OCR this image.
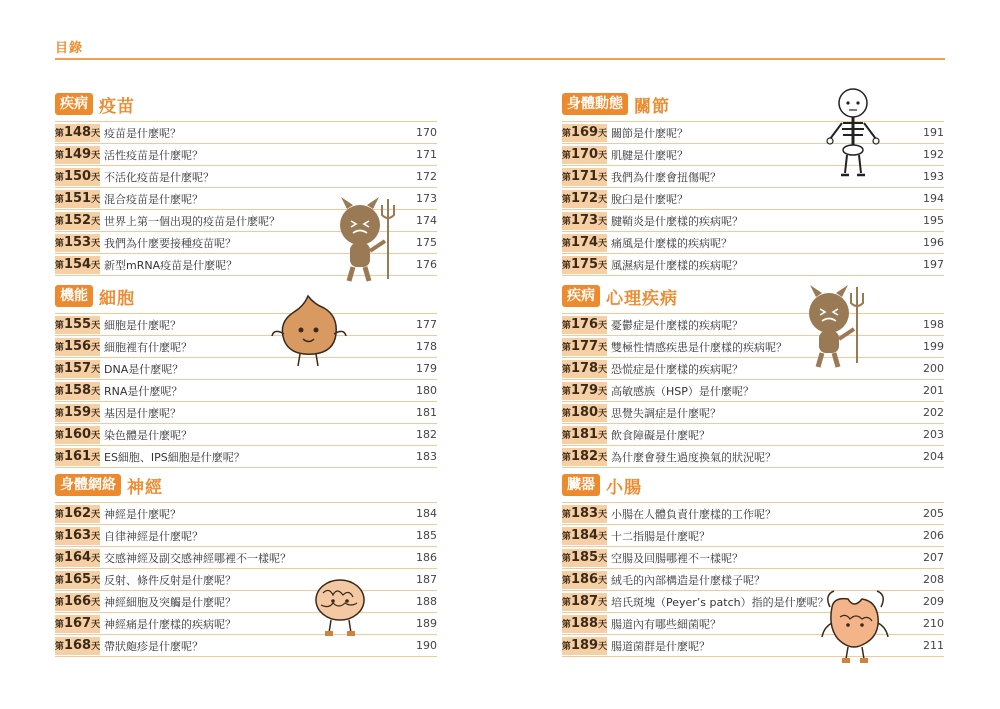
目錄
疾病 疫苗
第 148 天 疫苗是什麼呢？	170
第 149 天 活性疫苗是什麼呢？	171
第 150 天 不活化疫苗是什麼呢？	172
第 151 天 混合疫苗是什麼呢？	173
第 152 天 世界上第一個出現的疫苗是什麼呢？	174
第 153 天 我們為什麼要接種疫苗呢？	175
第 154 天 新型mRNA疫苗是什麼呢？	176
機能 細胞
第 155 天 細胞是什麼呢？	177
第 156 天 細胞裡有什麼呢？	178
第 157 天 DNA是什麼呢？	179
第 158 天 RNA是什麼呢？	180
第 159 天 基因是什麼呢？	181
第 160 天 染色體是什麼呢？	182
第 161 天 ES細胞、IPS細胞是什麼呢？	183
身體網絡 神經
第 162 天 神經是什麼呢？	184
第 163 天 自律神經是什麼呢？	185
第 164 天 交感神經及副交感神經哪裡不一樣呢？	186
第 165 天 反射、條件反射是什麼呢？	187
第 166 天 神經細胞及突觸是什麼呢？	188
第 167 天 神經痛是什麼樣的疾病呢？	189
第 168 天 帶狀皰疹是什麼呢？	190
身體動態 關節
第 169 天 關節是什麼呢？	191
第 170 天 肌腱是什麼呢？	192
第 171 天 我們為什麼會扭傷呢？	193
第 172 天 脫臼是什麼呢？	194
第 173 天 腱鞘炎是什麼樣的疾病呢？	195
第 174 天 痛風是什麼樣的疾病呢？	196
第 175 天 風濕病是什麼樣的疾病呢？	197
疾病 心理疾病
第 176 天 憂鬱症是什麼樣的疾病呢？	198
第 177 天 雙極性情感疾患是什麼樣的疾病呢？	199
第 178 天 恐慌症是什麼樣的疾病呢？	200
第 179 天 高敏感族（HSP）是什麼呢？	201
第 180 天 思覺失調症是什麼呢？	202
第 181 天 飲食障礙是什麼呢？	203
第 182 天 為什麼會發生過度換氣的狀況呢？	204
臟器 小腸
第 183 天 小腸在人體負責什麼樣的工作呢？	205
第 184 天 十二指腸是什麼呢？	206
第 185 天 空腸及回腸哪裡不一樣呢？	207
第 186 天 絨毛的內部構造是什麼樣子呢？	208
第 187 天 培氏斑塊（Peyer’s patch）指的是什麼呢？	209
第 188 天 腸道內有哪些細菌呢？	210
第 189 天 腸道菌群是什麼呢？	211
